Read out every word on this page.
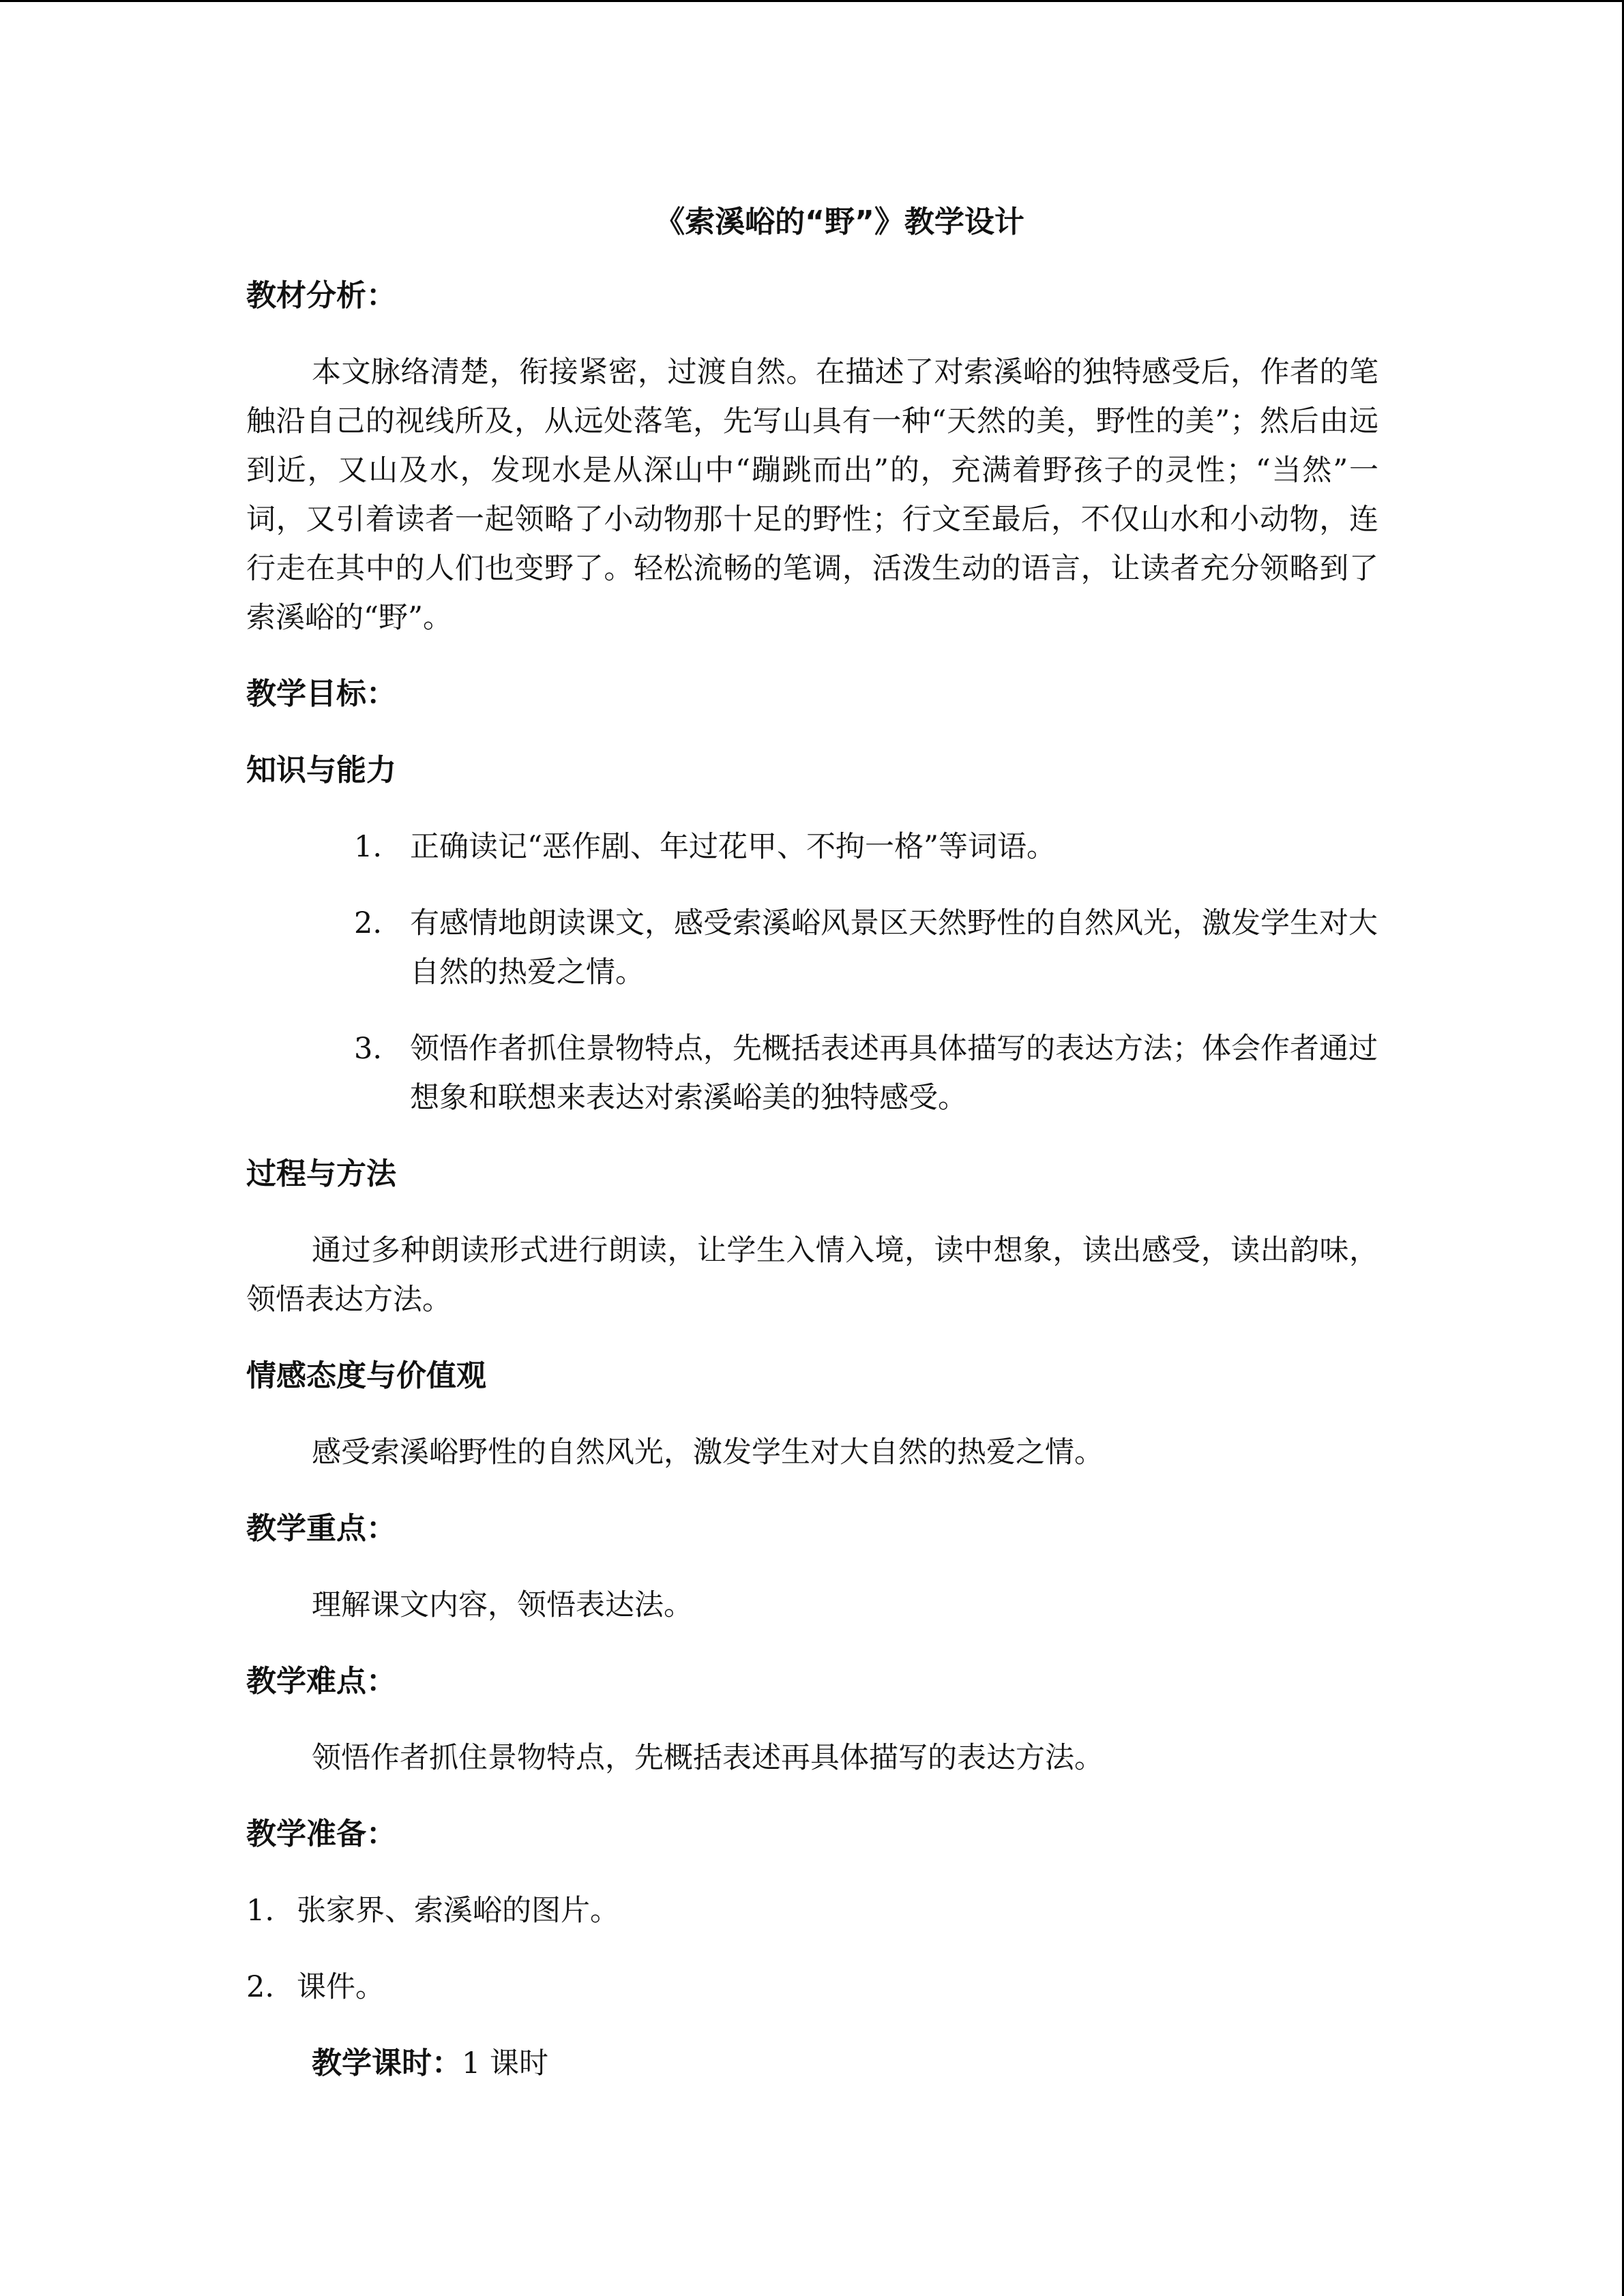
《索溪峪的“野”》教学设计
教材分析：

本文脉络清楚，衔接紧密，过渡自然。在描述了对索溪峪的独特感受后，作者的笔触沿自己的视线所及，从远处落笔，先写山具有一种“天然的美，野性的美”；然后由远到近，又山及水，发现水是从深山中“蹦跳而出”的，充满着野孩子的灵性；“当然”一词，又引着读者一起领略了小动物那十足的野性；行文至最后，不仅山水和小动物，连行走在其中的人们也变野了。轻松流畅的笔调，活泼生动的语言，让读者充分领略到了索溪峪的“野”。

教学目标：
知识与能力
1. 正确读记“恶作剧、年过花甲、不拘一格”等词语。
2. 有感情地朗读课文，感受索溪峪风景区天然野性的自然风光，激发学生对大自然的热爱之情。
3. 领悟作者抓住景物特点，先概括表述再具体描写的表达方法；体会作者通过想象和联想来表达对索溪峪美的独特感受。
过程与方法

通过多种朗读形式进行朗读，让学生入情入境，读中想象，读出感受，读出韵味，领悟表达方法。

情感态度与价值观

感受索溪峪野性的自然风光，激发学生对大自然的热爱之情。

教学重点：

理解课文内容，领悟表达法。

教学难点：

领悟作者抓住景物特点，先概括表述再具体描写的表达方法。

教学准备：
1. 张家界、索溪峪的图片。
2. 课件。

教学课时：1 课时
